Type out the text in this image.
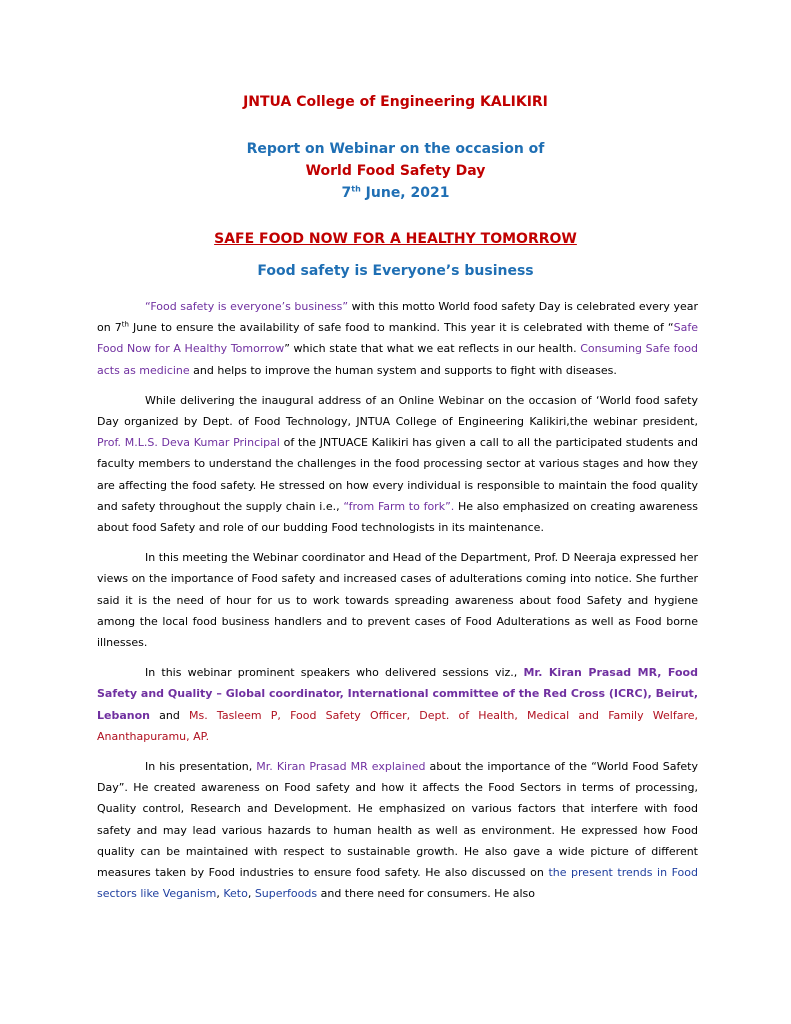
JNTUA College of Engineering KALIKIRI
Report on Webinar on the occasion of
World Food Safety Day
7th June, 2021
SAFE FOOD NOW FOR A HEALTHY TOMORROW
Food safety is Everyone’s business

“Food safety is everyone’s business” with this motto World food safety Day is celebrated every year on 7th June to ensure the availability of safe food to mankind. This year it is celebrated with theme of “Safe Food Now for A Healthy Tomorrow” which state that what we eat reflects in our health. Consuming Safe food acts as medicine and helps to improve the human system and supports to fight with diseases.

While delivering the inaugural address of an Online Webinar on the occasion of ‘World food safety Day organized by Dept. of Food Technology, JNTUA College of Engineering Kalikiri,the webinar president, Prof. M.L.S. Deva Kumar Principal of the JNTUACE Kalikiri has given a call to all the participated students and faculty members to understand the challenges in the food processing sector at various stages and how they are affecting the food safety. He stressed on how every individual is responsible to maintain the food quality and safety throughout the supply chain i.e., “from Farm to fork”. He also emphasized on creating awareness about food Safety and role of our budding Food technologists in its maintenance.

In this meeting the Webinar coordinator and Head of the Department, Prof. D Neeraja expressed her views on the importance of Food safety and increased cases of adulterations coming into notice. She further said it is the need of hour for us to work towards spreading awareness about food Safety and hygiene among the local food business handlers and to prevent cases of Food Adulterations as well as Food borne illnesses.

In this webinar prominent speakers who delivered sessions viz., Mr. Kiran Prasad MR, Food Safety and Quality – Global coordinator, International committee of the Red Cross (ICRC), Beirut, Lebanon and Ms. Tasleem P, Food Safety Officer, Dept. of Health, Medical and Family Welfare, Ananthapuramu, AP.

In his presentation, Mr. Kiran Prasad MR explained about the importance of the “World Food Safety Day”. He created awareness on Food safety and how it affects the Food Sectors in terms of processing, Quality control, Research and Development. He emphasized on various factors that interfere with food safety and may lead various hazards to human health as well as environment. He expressed how Food quality can be maintained with respect to sustainable growth. He also gave a wide picture of different measures taken by Food industries to ensure food safety. He also discussed on the present trends in Food sectors like Veganism, Keto, Superfoods and there need for consumers. He also
